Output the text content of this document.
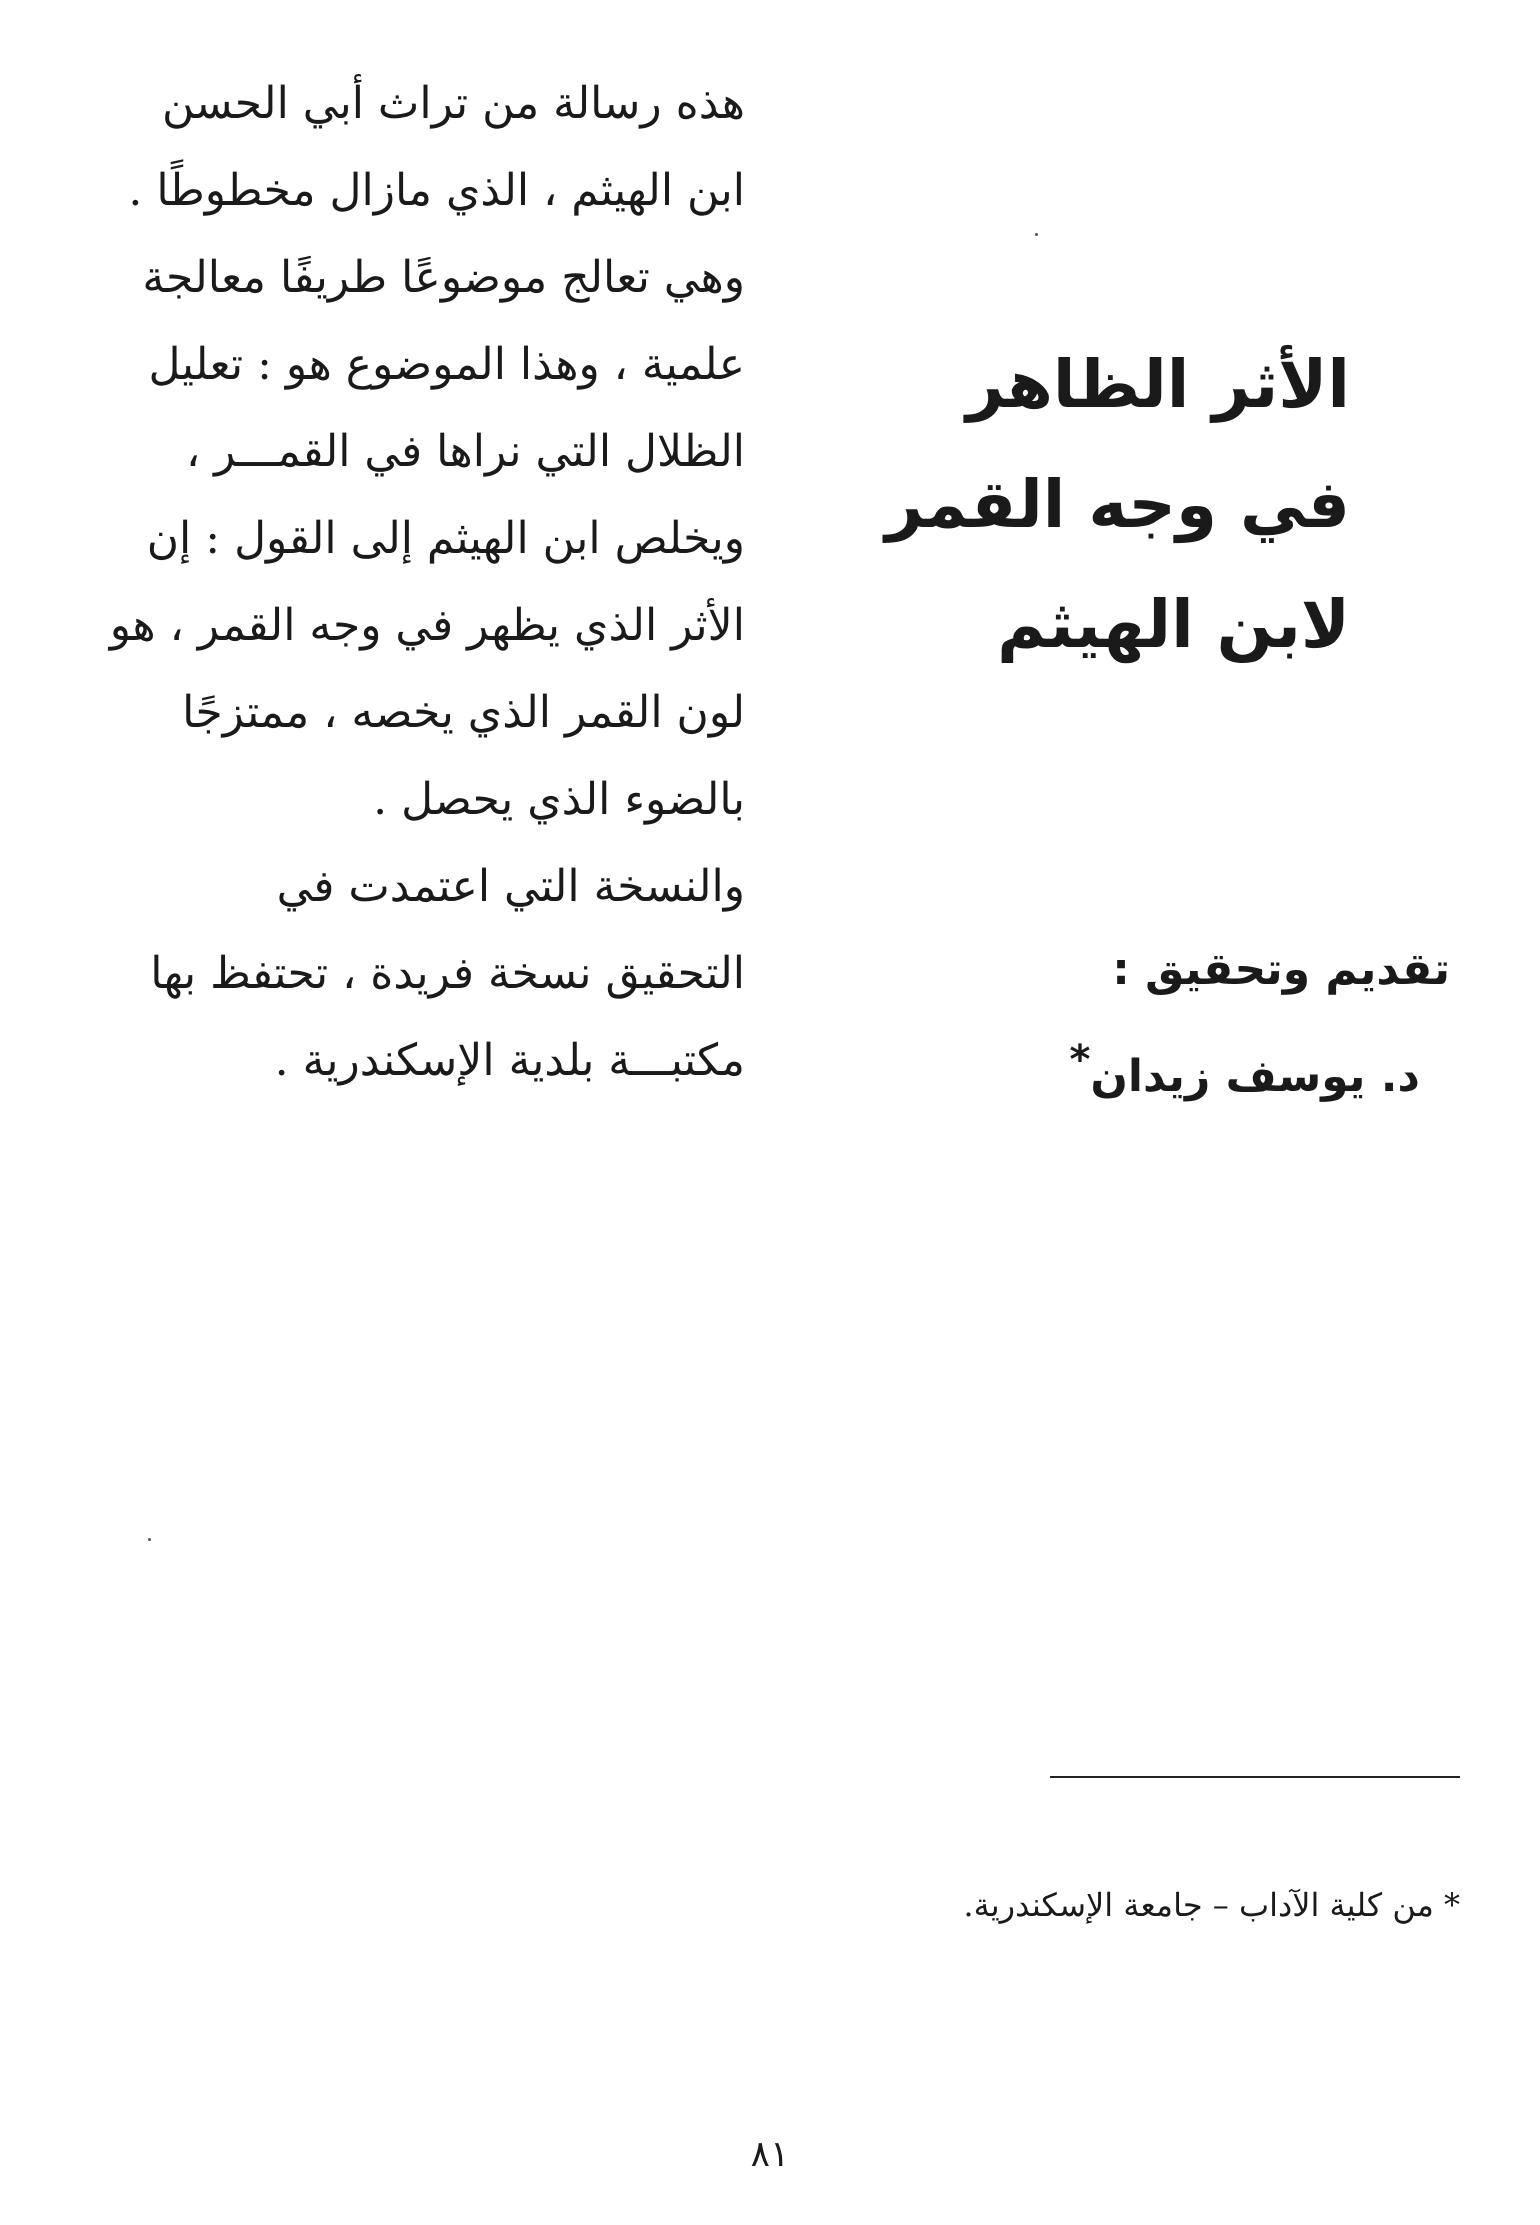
هذه رسالة من تراث أبي الحسن
ابن الهيثم ، الذي مازال مخطوطًا .
وهي تعالج موضوعًا طريفًا معالجة
علمية ، وهذا الموضوع هو : تعليل
الظلال التي نراها في القمـــر ،
ويخلص ابن الهيثم إلى القول : إن
الأثر الذي يظهر في وجه القمر ، هو
لون القمر الذي يخصه ، ممتزجًا
بالضوء الذي يحصل .
والنسخة التي اعتمدت في
التحقيق نسخة فريدة ، تحتفظ بها
مكتبـــة بلدية الإسكندرية .
الأثر الظاهر
في وجه القمر
لابن الهيثم
تقديم وتحقيق :
د. يوسف زيدان*
* من كلية الآداب – جامعة الإسكندرية.
٨١
